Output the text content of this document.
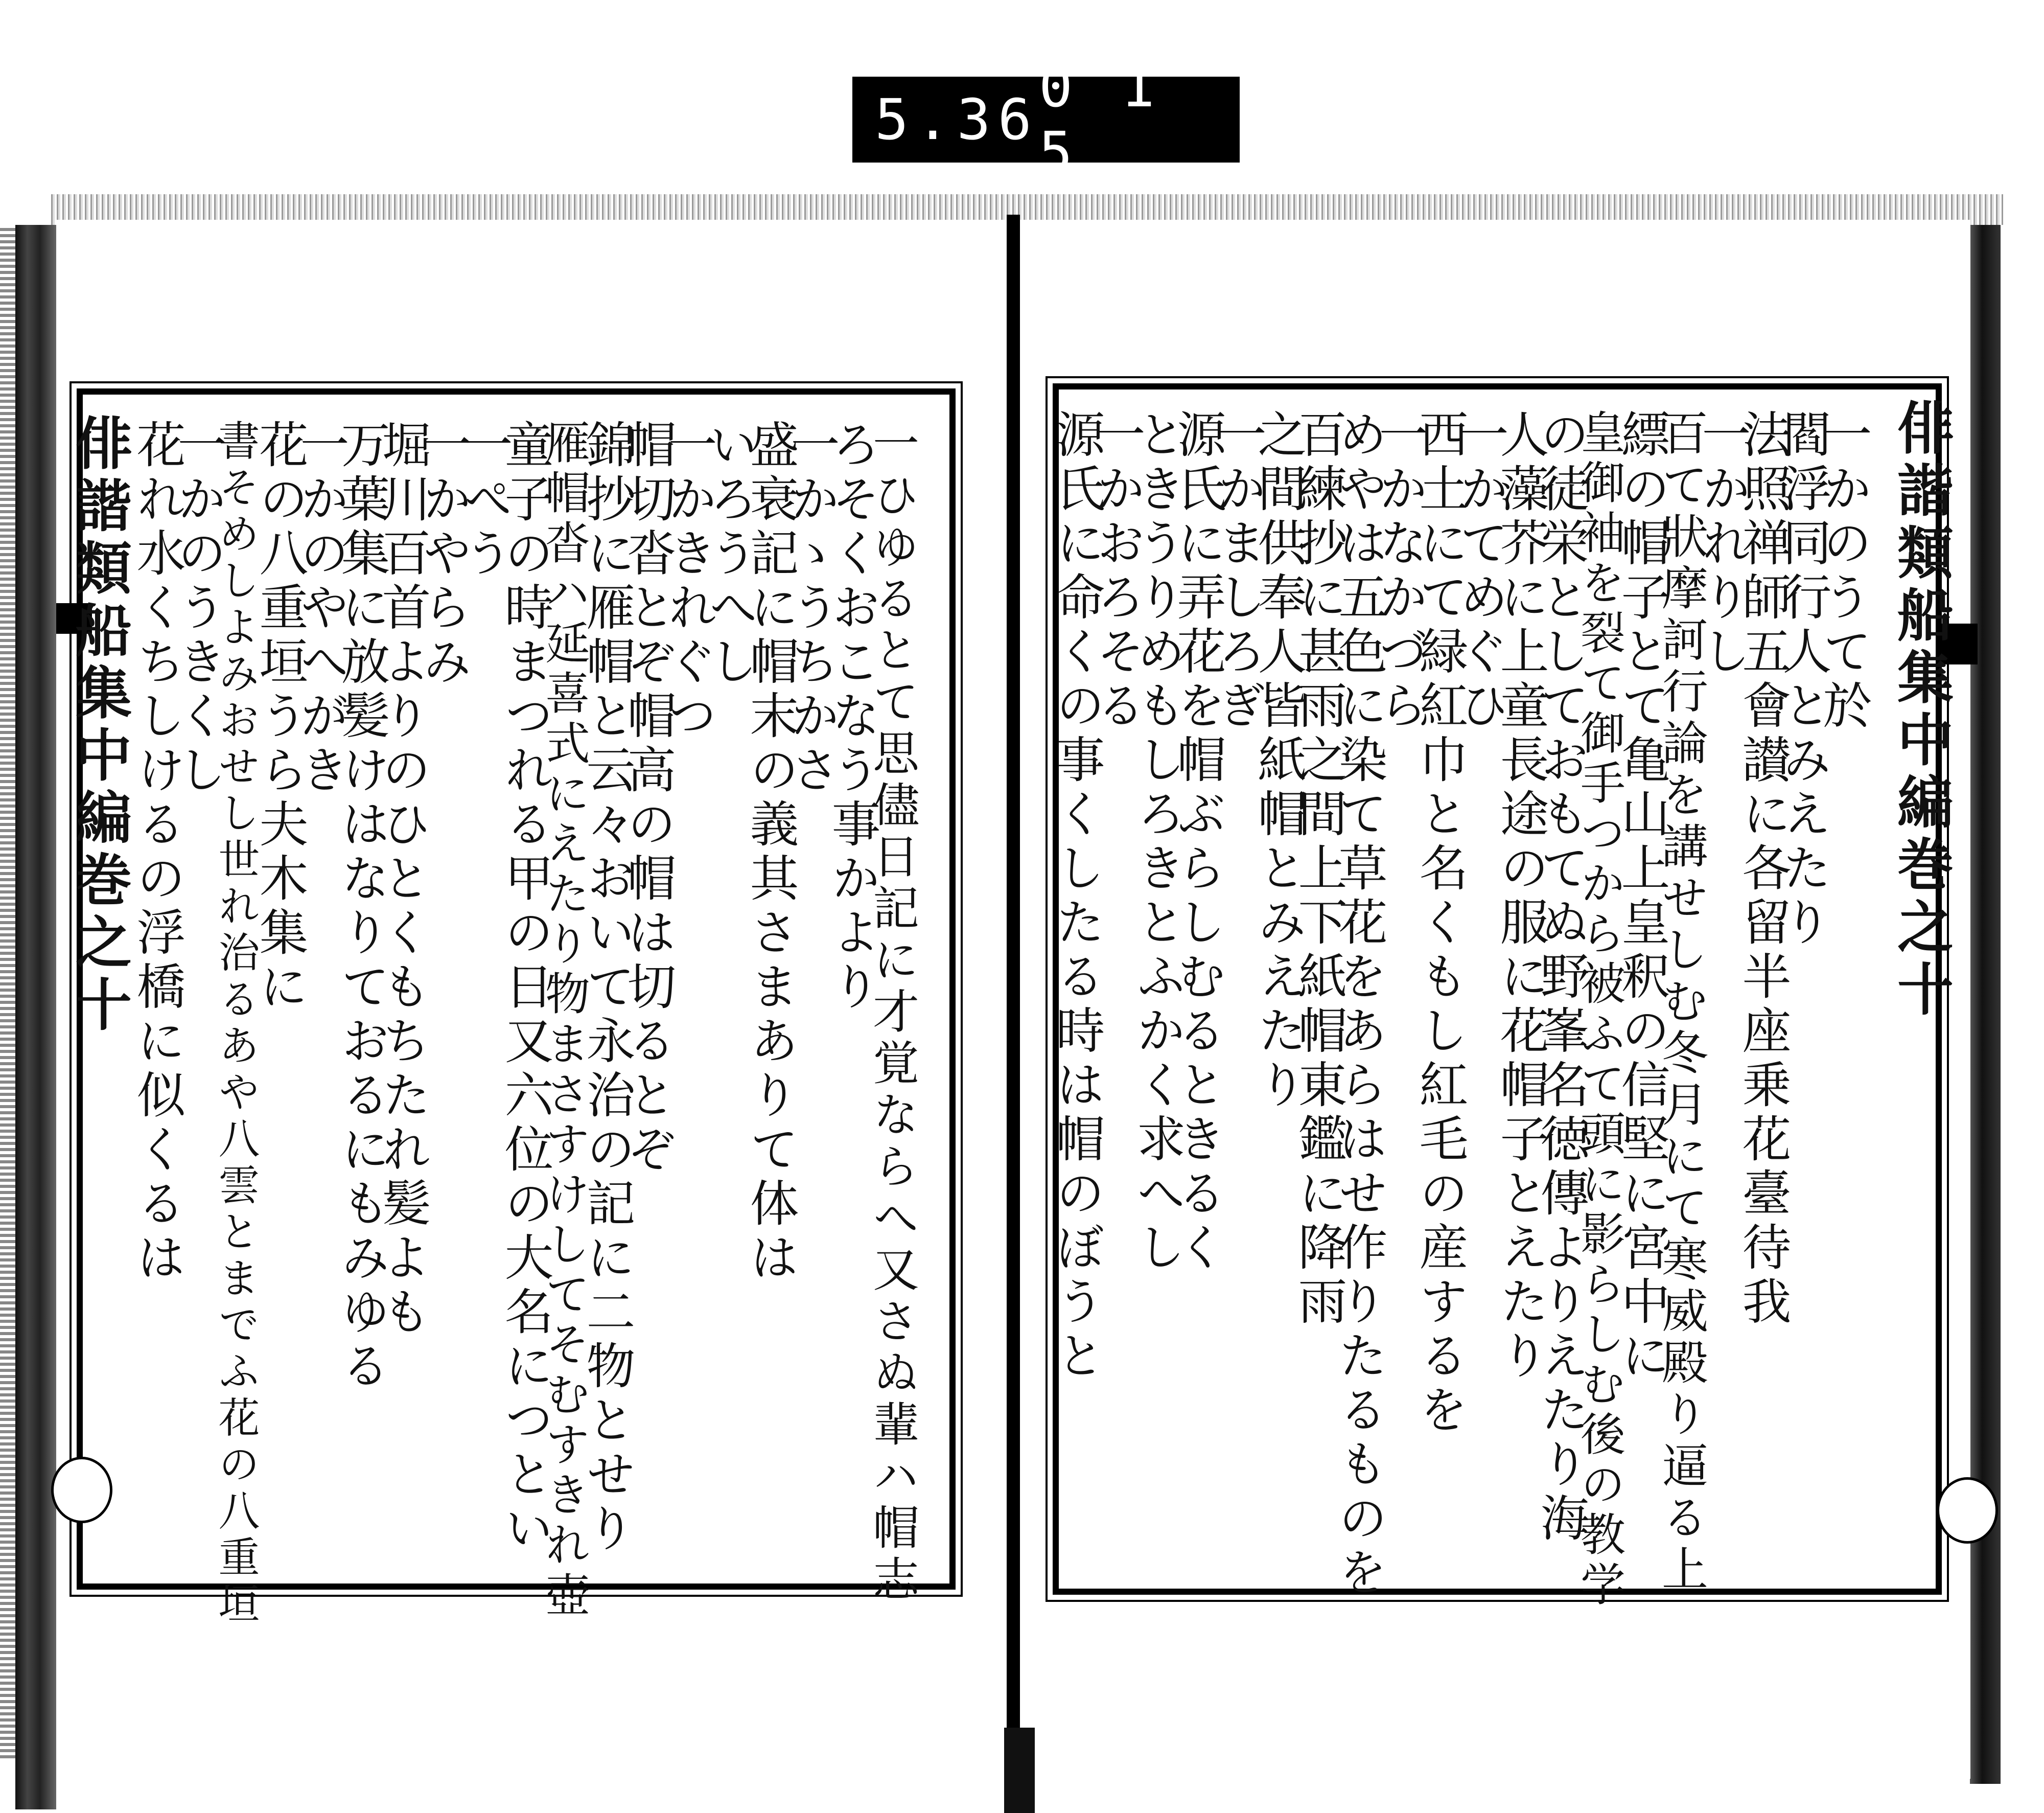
5.36 0 1 5.
俳諧類船集中編巻之十
俳諧類船集中編巻之十	一かのうて於
閻浮同行人とみえたり
法照禅師五會讃に各留半座乗花臺待我
一かれりし
百て狀摩訶行論を講せしむ冬月にて寒威殿り逼る上
縹の帽子とて亀山上皇釈の信堅に宮中に
皇御袖を裂て御手つから被ふて頭に影らしむ後の教学
の徒栄としておもてぬ野峯名徳傳よりえたり海
人藻芥に上童長途の服に花帽子とえたり
一かてめぐひ
西土にて緑紅巾と名くもし紅毛の産するを
一かなかづら
めやは五色に染て草花をあらはせ作りたるものを
百練抄に甚雨之間上下紙帽東鑑に降雨
之間供奉人皆紙帽とみえたり
一かましろぎ
源氏に弄花を帽ぶらしむるときるく
ときうりめもしろきとふかく求へし
一かおろそる
源氏に命くの事くしたる時は帽のぼうと
一ひゆるとて思儘日記に才覚ならへ又さぬ輩ハ帽志
ろそくおこなう事かより
一かゝうちかさ
盛衰記に帽末の義其さまありて体は
いろうへし
一かきれぐつ
帽切沓とぞ帽高の帽は切るとぞ
錦抄に雁帽と云々おいて永治の記に二物とせり
雁帽沓ハ延喜式にえたり物まさすけしてそむすきれ壺
童子の時まつれる甲の日又六位の大名につとい
一ぺう
一かやらみ
堀川百首よりのひとくもちたれ髪よも
万葉集に放髪けはなりておるにもみゆる
一かのやへがき
花の八重垣うら夫木集に
書そめしよみおせし世れ治るあや八雲とまでふ花の八重垣
一かのうきくし
花れ水くちしけるの浮橋に似くるは
